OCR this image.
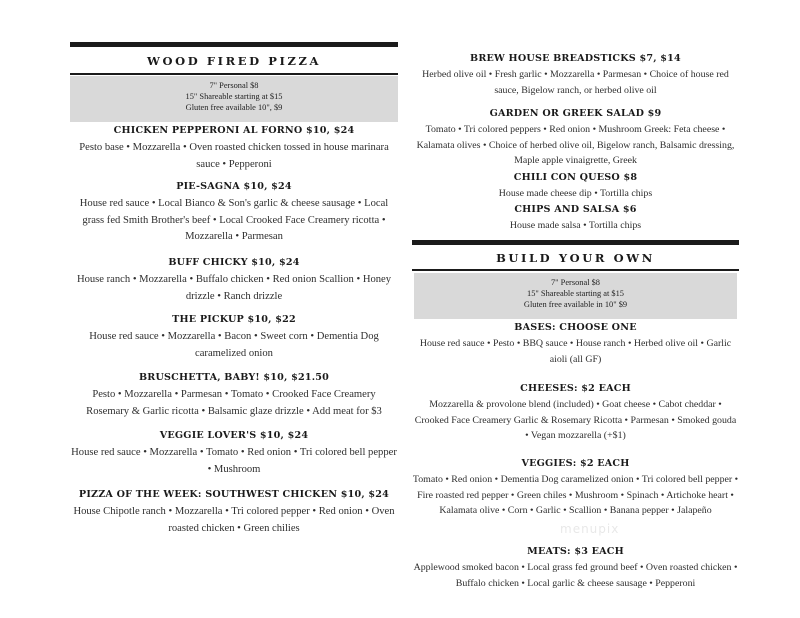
WOOD FIRED PIZZA
7" Personal $8
15" Shareable starting at $15
Gluten free available 10", $9
CHICKEN PEPPERONI AL FORNO $10, $24
Pesto base • Mozzarella • Oven roasted chicken tossed in house marinara sauce • Pepperoni
PIE-SAGNA $10, $24
House red sauce • Local Bianco & Son's garlic & cheese sausage • Local grass fed Smith Brother's beef • Local Crooked Face Creamery ricotta • Mozzarella • Parmesan
BUFF CHICKY $10, $24
House ranch • Mozzarella • Buffalo chicken • Red onion Scallion • Honey drizzle • Ranch drizzle
THE PICKUP $10, $22
House red sauce • Mozzarella • Bacon • Sweet corn • Dementia Dog caramelized onion
BRUSCHETTA, BABY! $10, $21.50
Pesto • Mozzarella • Parmesan • Tomato • Crooked Face Creamery Rosemary & Garlic ricotta • Balsamic glaze drizzle • Add meat for $3
VEGGIE LOVER'S $10, $24
House red sauce • Mozzarella • Tomato • Red onion • Tri colored bell pepper • Mushroom
PIZZA OF THE WEEK: SOUTHWEST CHICKEN $10, $24
House Chipotle ranch • Mozzarella • Tri colored pepper • Red onion • Oven roasted chicken • Green chilies
BREW HOUSE BREADSTICKS $7, $14
Herbed olive oil • Fresh garlic • Mozzarella • Parmesan • Choice of house red sauce, Bigelow ranch, or herbed olive oil
GARDEN OR GREEK SALAD $9
Tomato • Tri colored peppers • Red onion • Mushroom Greek: Feta cheese • Kalamata olives • Choice of herbed olive oil, Bigelow ranch, Balsamic dressing, Maple apple vinaigrette, Greek
CHILI CON QUESO $8
House made cheese dip • Tortilla chips
CHIPS AND SALSA $6
House made salsa • Tortilla chips
BUILD YOUR OWN
7" Personal $8
15" Shareable starting at $15
Gluten free available in 10" $9
BASES: CHOOSE ONE
House red sauce • Pesto • BBQ sauce • House ranch • Herbed olive oil • Garlic aioli (all GF)
CHEESES: $2 EACH
Mozzarella & provolone blend (included) • Goat cheese • Cabot cheddar • Crooked Face Creamery Garlic & Rosemary Ricotta • Parmesan • Smoked gouda • Vegan mozzarella (+$1)
VEGGIES: $2 EACH
Tomato • Red onion • Dementia Dog caramelized onion • Tri colored bell pepper • Fire roasted red pepper • Green chiles • Mushroom • Spinach • Artichoke heart • Kalamata olive • Corn • Garlic • Scallion • Banana pepper • Jalapeño
MEATS: $3 EACH
Applewood smoked bacon • Local grass fed ground beef • Oven roasted chicken • Buffalo chicken • Local garlic & cheese sausage • Pepperoni
menupix
